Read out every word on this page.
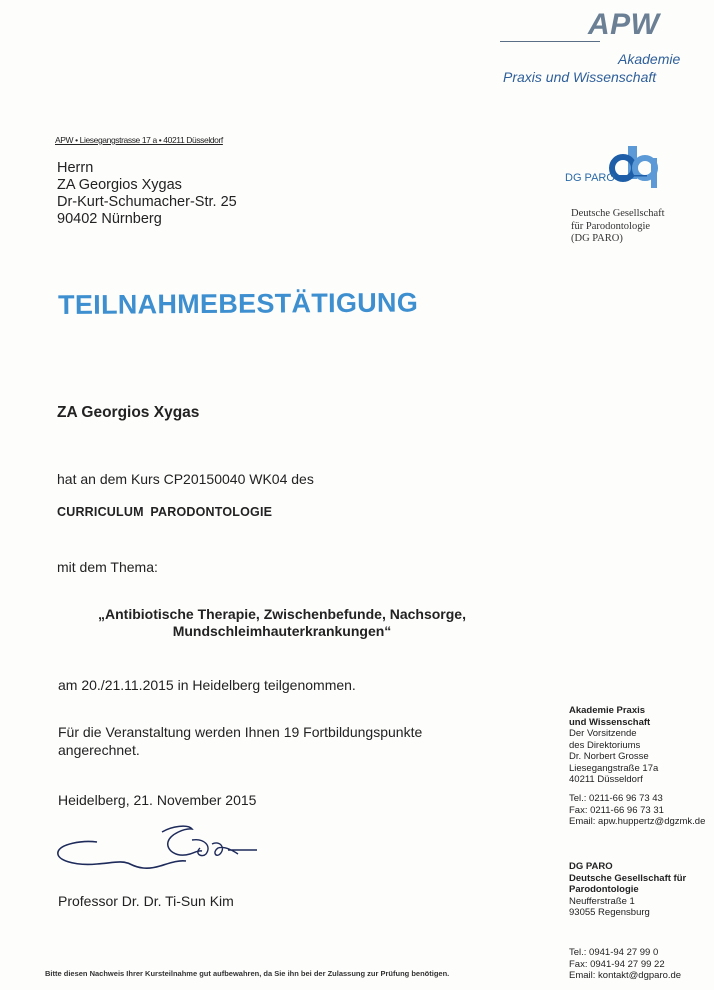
APW
Akademie
Praxis und Wissenschaft
APW • Liesegangstrasse 17 a • 40211 Düsseldorf
Herrn
ZA Georgios Xygas
Dr-Kurt-Schumacher-Str. 25
90402 Nürnberg
DG PARO
Deutsche Gesellschaft
für Parodontologie
(DG PARO)
TEILNAHMEBESTÄTIGUNG
ZA Georgios Xygas
hat an dem Kurs CP20150040 WK04 des
CURRICULUM PARODONTOLOGIE
mit dem Thema:
„Antibiotische Therapie, Zwischenbefunde, Nachsorge,
Mundschleimhauterkrankungen“
am 20./21.11.2015 in Heidelberg teilgenommen.
Für die Veranstaltung werden Ihnen 19 Fortbildungspunkte
angerechnet.
Heidelberg, 21. November 2015
Professor Dr. Dr. Ti-Sun Kim
Bitte diesen Nachweis Ihrer Kursteilnahme gut aufbewahren, da Sie ihn bei der Zulassung zur Prüfung benötigen.
Akademie Praxis
und Wissenschaft
Der Vorsitzende
des Direktoriums
Dr. Norbert Grosse
Liesegangstraße 17a
40211 Düsseldorf
Tel.: 0211-66 96 73 43
Fax: 0211-66 96 73 31
Email: apw.huppertz@dgzmk.de
DG PARO
Deutsche Gesellschaft für
Parodontologie
Neufferstraße 1
93055 Regensburg
Tel.: 0941-94 27 99 0
Fax: 0941-94 27 99 22
Email: kontakt@dgparo.de
